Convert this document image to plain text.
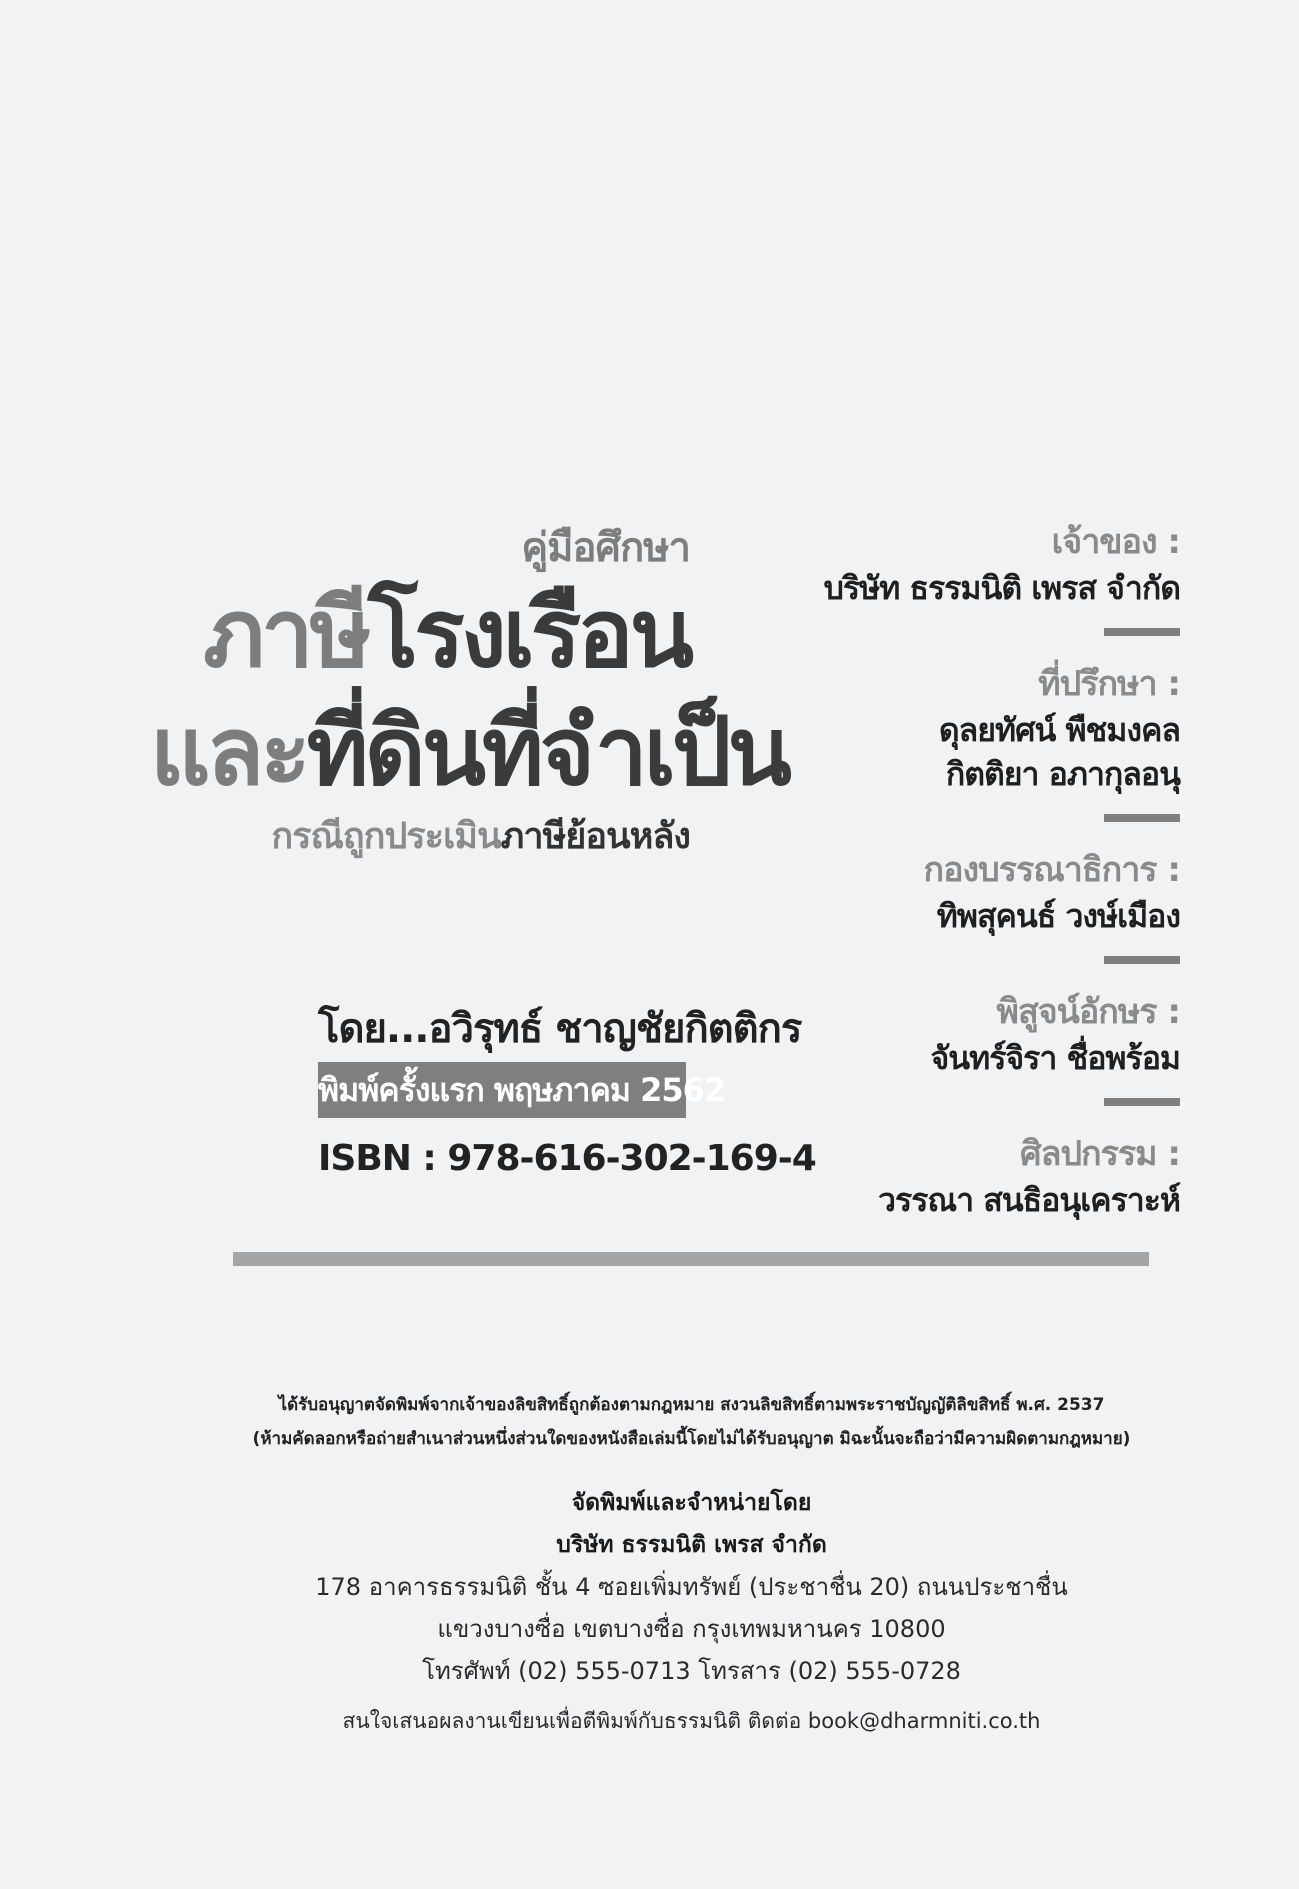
คู่มือศึกษา
ภาษีโรงเรือน
และที่ดินที่จำเป็น
กรณีถูกประเมินภาษีย้อนหลัง
โดย...อวิรุทธ์ ชาญชัยกิตติกร
พิมพ์ครั้งแรก พฤษภาคม 2562
ISBN : 978-616-302-169-4
เจ้าของ :
บริษัท ธรรมนิติ เพรส จำกัด
ที่ปรึกษา :
ดุลยทัศน์ พืชมงคล
กิตติยา อภากุลอนุ
กองบรรณาธิการ :
ทิพสุคนธ์ วงษ์เมือง
พิสูจน์อักษร :
จันทร์จิรา ชื่อพร้อม
ศิลปกรรม :
วรรณา สนธิอนุเคราะห์
ได้รับอนุญาตจัดพิมพ์จากเจ้าของลิขสิทธิ์ถูกต้องตามกฎหมาย สงวนลิขสิทธิ์ตามพระราชบัญญัติลิขสิทธิ์ พ.ศ. 2537
(ห้ามคัดลอกหรือถ่ายสำเนาส่วนหนึ่งส่วนใดของหนังสือเล่มนี้โดยไม่ได้รับอนุญาต มิฉะนั้นจะถือว่ามีความผิดตามกฎหมาย)
จัดพิมพ์และจำหน่ายโดย
บริษัท ธรรมนิติ เพรส จำกัด
178 อาคารธรรมนิติ ชั้น 4 ซอยเพิ่มทรัพย์ (ประชาชื่น 20) ถนนประชาชื่น
แขวงบางซื่อ เขตบางซื่อ กรุงเทพมหานคร 10800
โทรศัพท์ (02) 555-0713 โทรสาร (02) 555-0728
สนใจเสนอผลงานเขียนเพื่อตีพิมพ์กับธรรมนิติ ติดต่อ book@dharmniti.co.th
